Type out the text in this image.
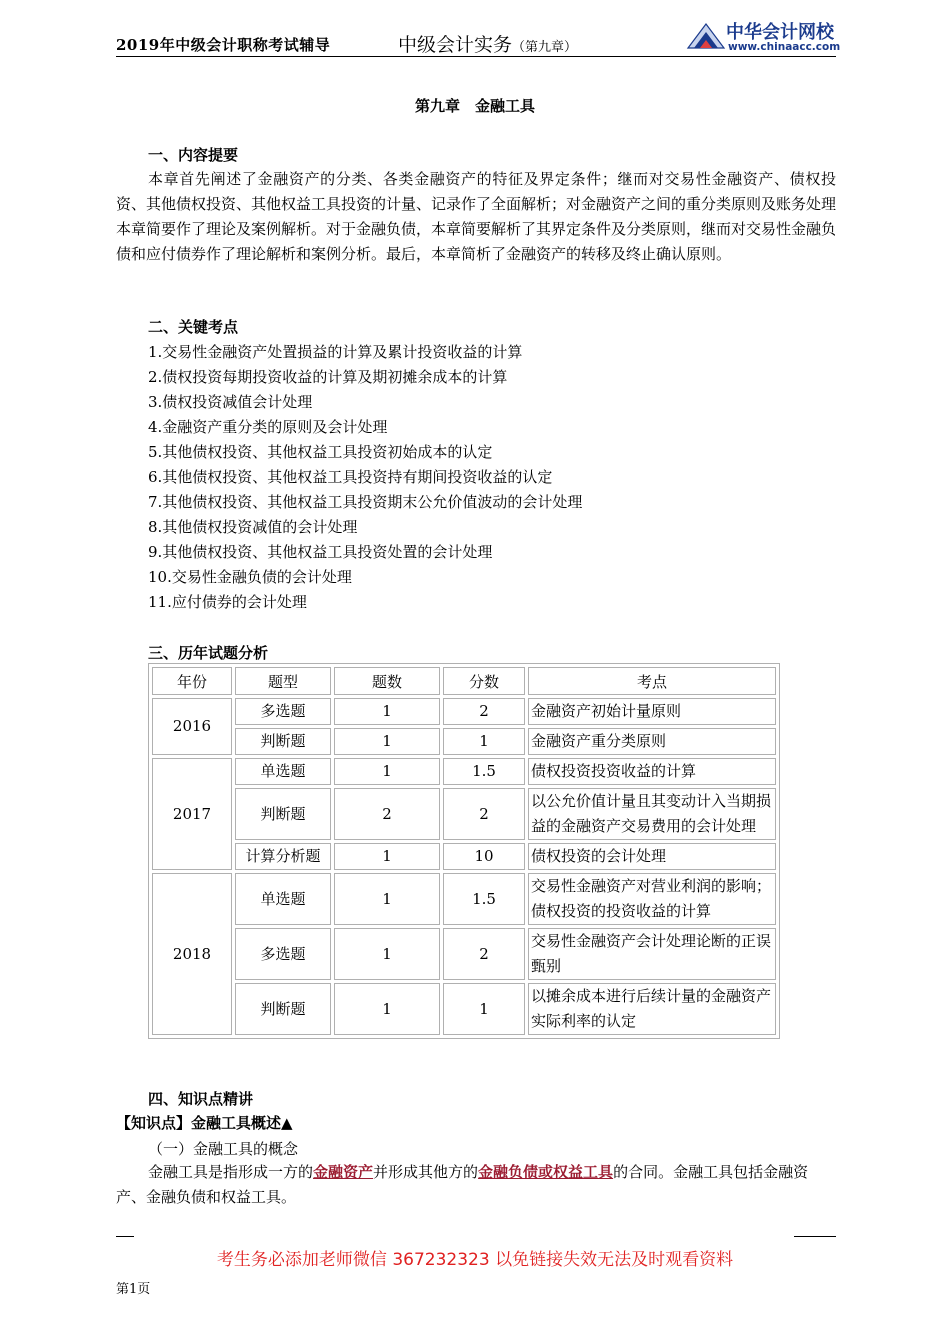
2019年中级会计职称考试辅导	中级会计实务（第九章）
中华会计网校
www.chinaacc.com
第九章　金融工具
一、内容提要
本章首先阐述了金融资产的分类、各类金融资产的特征及界定条件；继而对交易性金融资产、债权投资、其他债权投资、其他权益工具投资的计量、记录作了全面解析；对金融资产之间的重分类原则及账务处理本章简要作了理论及案例解析。对于金融负债，本章简要解析了其界定条件及分类原则，继而对交易性金融负债和应付债券作了理论解析和案例分析。最后，本章简析了金融资产的转移及终止确认原则。
二、关键考点
1.交易性金融资产处置损益的计算及累计投资收益的计算
2.债权投资每期投资收益的计算及期初摊余成本的计算
3.债权投资减值会计处理
4.金融资产重分类的原则及会计处理
5.其他债权投资、其他权益工具投资初始成本的认定
6.其他债权投资、其他权益工具投资持有期间投资收益的认定
7.其他债权投资、其他权益工具投资期末公允价值波动的会计处理
8.其他债权投资减值的会计处理
9.其他债权投资、其他权益工具投资处置的会计处理
10.交易性金融负债的会计处理
11.应付债券的会计处理
三、历年试题分析
年份	题型	题数	分数	考点
2016	多选题	1	2	金融资产初始计量原则
	判断题	1	1	金融资产重分类原则
2017	单选题	1	1.5	债权投资投资收益的计算
	判断题	2	2	以公允价值计量且其变动计入当期损益的金融资产交易费用的会计处理
	计算分析题	1	10	债权投资的会计处理
2018	单选题	1	1.5	交易性金融资产对营业利润的影响；债权投资的投资收益的计算
	多选题	1	2	交易性金融资产会计处理论断的正误甄别
	判断题	1	1	以摊余成本进行后续计量的金融资产实际利率的认定
四、知识点精讲
【知识点】金融工具概述▲
（一）金融工具的概念
金融工具是指形成一方的金融资产并形成其他方的金融负债或权益工具的合同。金融工具包括金融资产、金融负债和权益工具。
考生务必添加老师微信 367232323 以免链接失效无法及时观看资料
第1页
